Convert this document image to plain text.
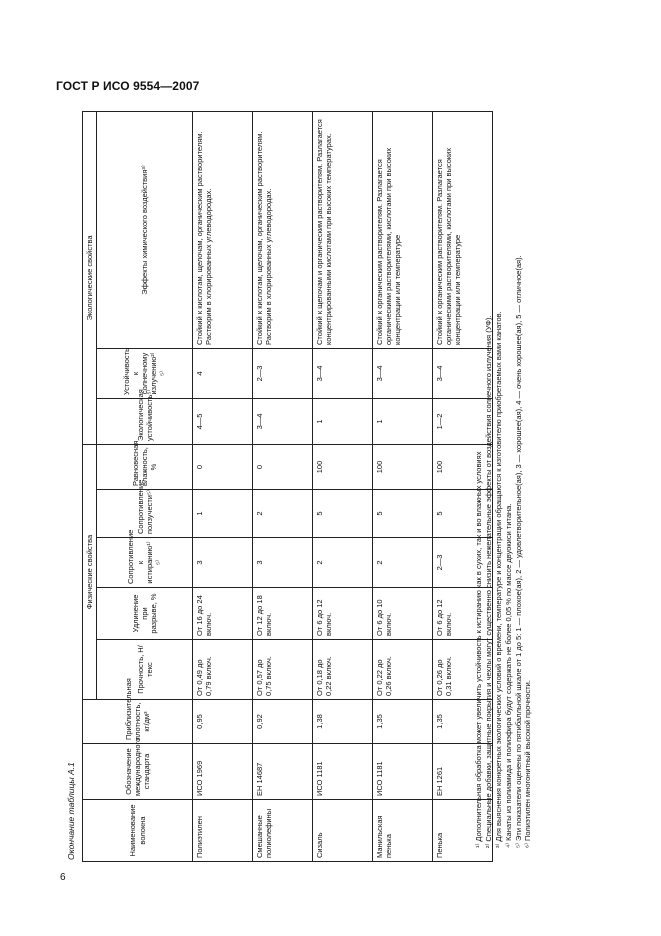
ГОСТ Р ИСО 9554—2007
Окончание таблицы А.1	Наименование волокна	Обозначение международного стандарта	Приблизительная плотность, кг/дм³	Физические свойства					Экологические свойства		
			Прочность, Н/текс	Удлинение при разрыве, %	Сопротивление к истиранию¹⁾ ⁵⁾	Сопротивление ползучести⁵⁾	Равновесная влажность, %	Экологическая устойчивость⁵⁾	Устойчивость к солнечному излучению²⁾ ⁵⁾	Эффекты химического воздействия³⁾
Полиэтилен	ИСО 1969	0,95	От 0,49 до 0,79 включ.	От 16 до 24 включ.	3	1	0	4—5	4	Стойкий к кислотам, щелочам, органическим растворителям. Растворим в хлорированных углеводородах.
Смешанные полиолефины	ЕН 14687	0,92	От 0,57 до 0,75 включ.	От 12 до 18 включ.	3	2	0	3—4	2—3	Стойкий к кислотам, щелочам, органическим растворителям. Растворим в хлорированных углеводородах.
Сизаль	ИСО 1181	1,38	От 0,18 до 0,22 включ.	От 6 до 12 включ.	2	5	100	1	3—4	Стойкий к щелочам и органическим растворителям. Разлагается концентрированными кислотами при высоких температурах.
Манильская пенька	ИСО 1181	1,35	От 0,22 до 0,26 включ.	От 6 до 10 включ.	2	5	100	1	3—4	Стойкий к органическим растворителям. Разлагается органическими растворителями, кислотами при высоких концентрации или температуре
Пенька	ЕН 1261	1,35	От 0,26 до 0,31 включ.	От 6 до 12 включ.	2—3	5	100	1—2	3—4	Стойкий к органическим растворителям. Разлагается органическими растворителями, кислотами при высоких концентрации или температуре
¹⁾ Дополнительная обработка может увеличить устойчивость к истиранию как в сухих, так и во влажных условиях ²⁾ Специальные добавки, защитные покрытия и чехлы могут существенно снизить нежелательные эффекты от воздействия солнечного излучения (УФ). ³⁾ Для выяснения конкретных экологических условий о времени, температуре и концентрации обращаются к изготовителю приобретаемых вами канатов. ⁴⁾ Канаты из полиамида и полиэфира будут содержать не более 0,05 % по массе двуокиси титана. ⁵⁾ Эти показатели оценены по пятибалльной шкале от 1 до 5: 1 — плохое(ая), 2 — удовлетворительное(ая), 3 — хорошее(ая), 4 — очень хорошее(ая), 5 — отличное(ая). ⁶⁾ Полиэтилен многонитный высокой прочности.
6
